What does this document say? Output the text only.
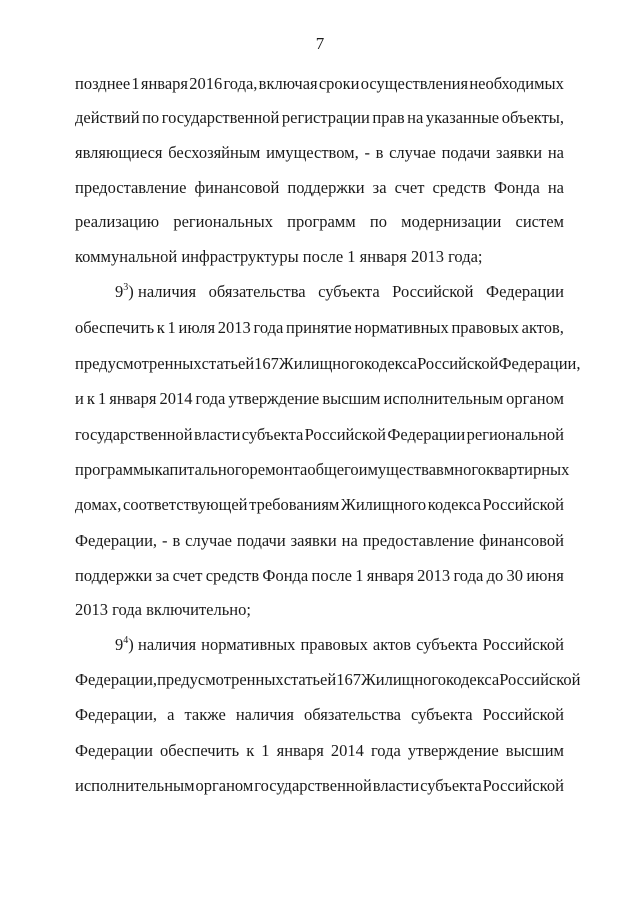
7
позднее 1 января 2016 года, включая сроки осуществления необходимых
действий по государственной регистрации прав на указанные объекты,
являющиеся бесхозяйным имуществом, - в случае подачи заявки на
предоставление финансовой поддержки за счет средств Фонда на
реализацию региональных программ по модернизации систем
коммунальной инфраструктуры после 1 января 2013 года;
$9^3$) наличия обязательства субъекта Российской Федерации
обеспечить к 1 июля 2013 года принятие нормативных правовых актов,
предусмотренных статьей 167 Жилищного кодекса Российской Федерации,
и к 1 января 2014 года утверждение высшим исполнительным органом
государственной власти субъекта Российской Федерации региональной
программы капитального ремонта общего имущества в многоквартирных
домах, соответствующей требованиям Жилищного кодекса Российской
Федерации, - в случае подачи заявки на предоставление финансовой
поддержки за счет средств Фонда после 1 января 2013 года до 30 июня
2013 года включительно;
$9^4$) наличия нормативных правовых актов субъекта Российской
Федерации, предусмотренных статьей 167 Жилищного кодекса Российской
Федерации, а также наличия обязательства субъекта Российской
Федерации обеспечить к 1 января 2014 года утверждение высшим
исполнительным органом государственной власти субъекта Российской
